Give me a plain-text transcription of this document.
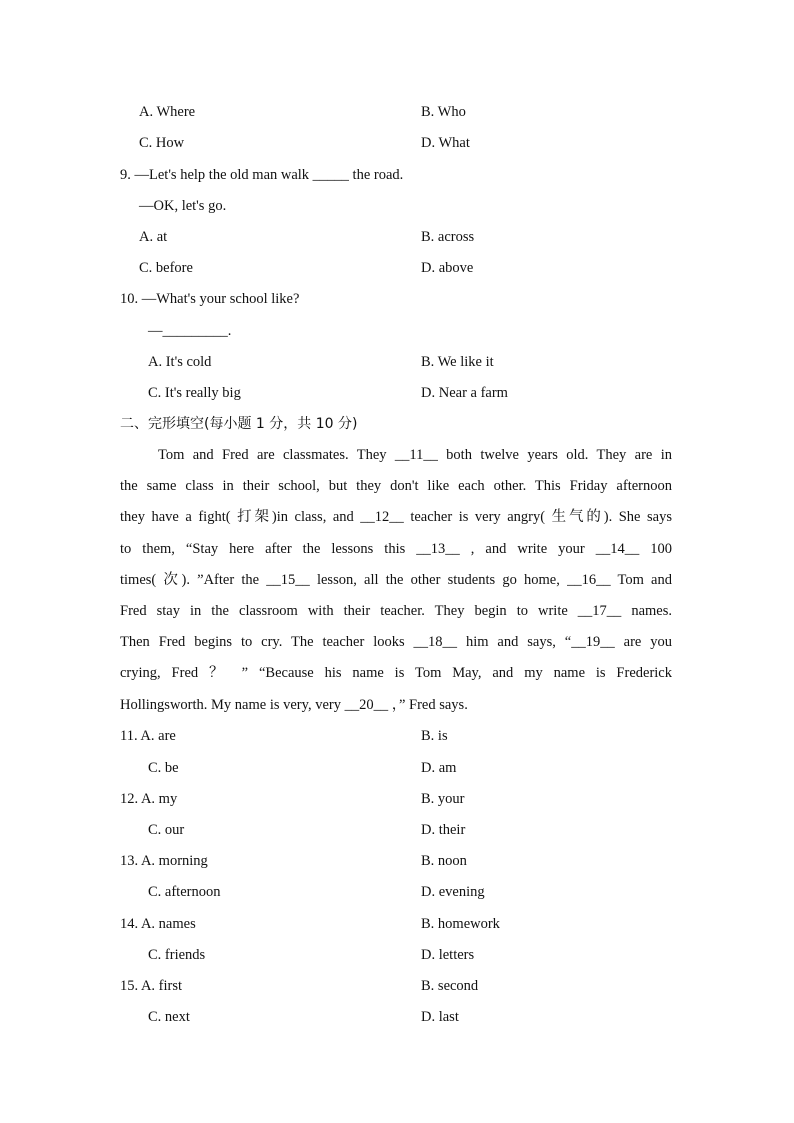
A. Where	B. Who
C. How	D. What
9. —Let's help the old man walk _____ the road.
—OK, let's go.
A. at	B. across
C. before	D. above
10. —What's your school like?
—_________.
A. It's cold	B. We like it
C. It's really big	D. Near a farm
二、完形填空(每小题 1 分，共 10 分)
Tom and Fred are classmates. They __11__ both twelve years old. They are in
the same class in their school, but they don't like each other. This Friday afternoon
they have a fight( 打架)in class, and __12__ teacher is very angry( 生气的). She says
to them, “Stay here after the lessons this __13__ , and write your __14__ 100
times( 次). ”After the __15__ lesson, all the other students go home, __16__ Tom and
Fred stay in the classroom with their teacher. They begin to write __17__ names.
Then Fred begins to cry. The teacher looks __18__ him and says, “__19__ are you
crying, Fred ？ ” “Because his name is Tom May, and my name is Frederick
Hollingsworth. My name is very, very __20__ ，” Fred says.
11. A. are	B. is
C. be	D. am
12. A. my	B. your
C. our	D. their
13. A. morning	B. noon
C. afternoon	D. evening
14. A. names	B. homework
C. friends	D. letters
15. A. first	B. second
C. next	D. last
